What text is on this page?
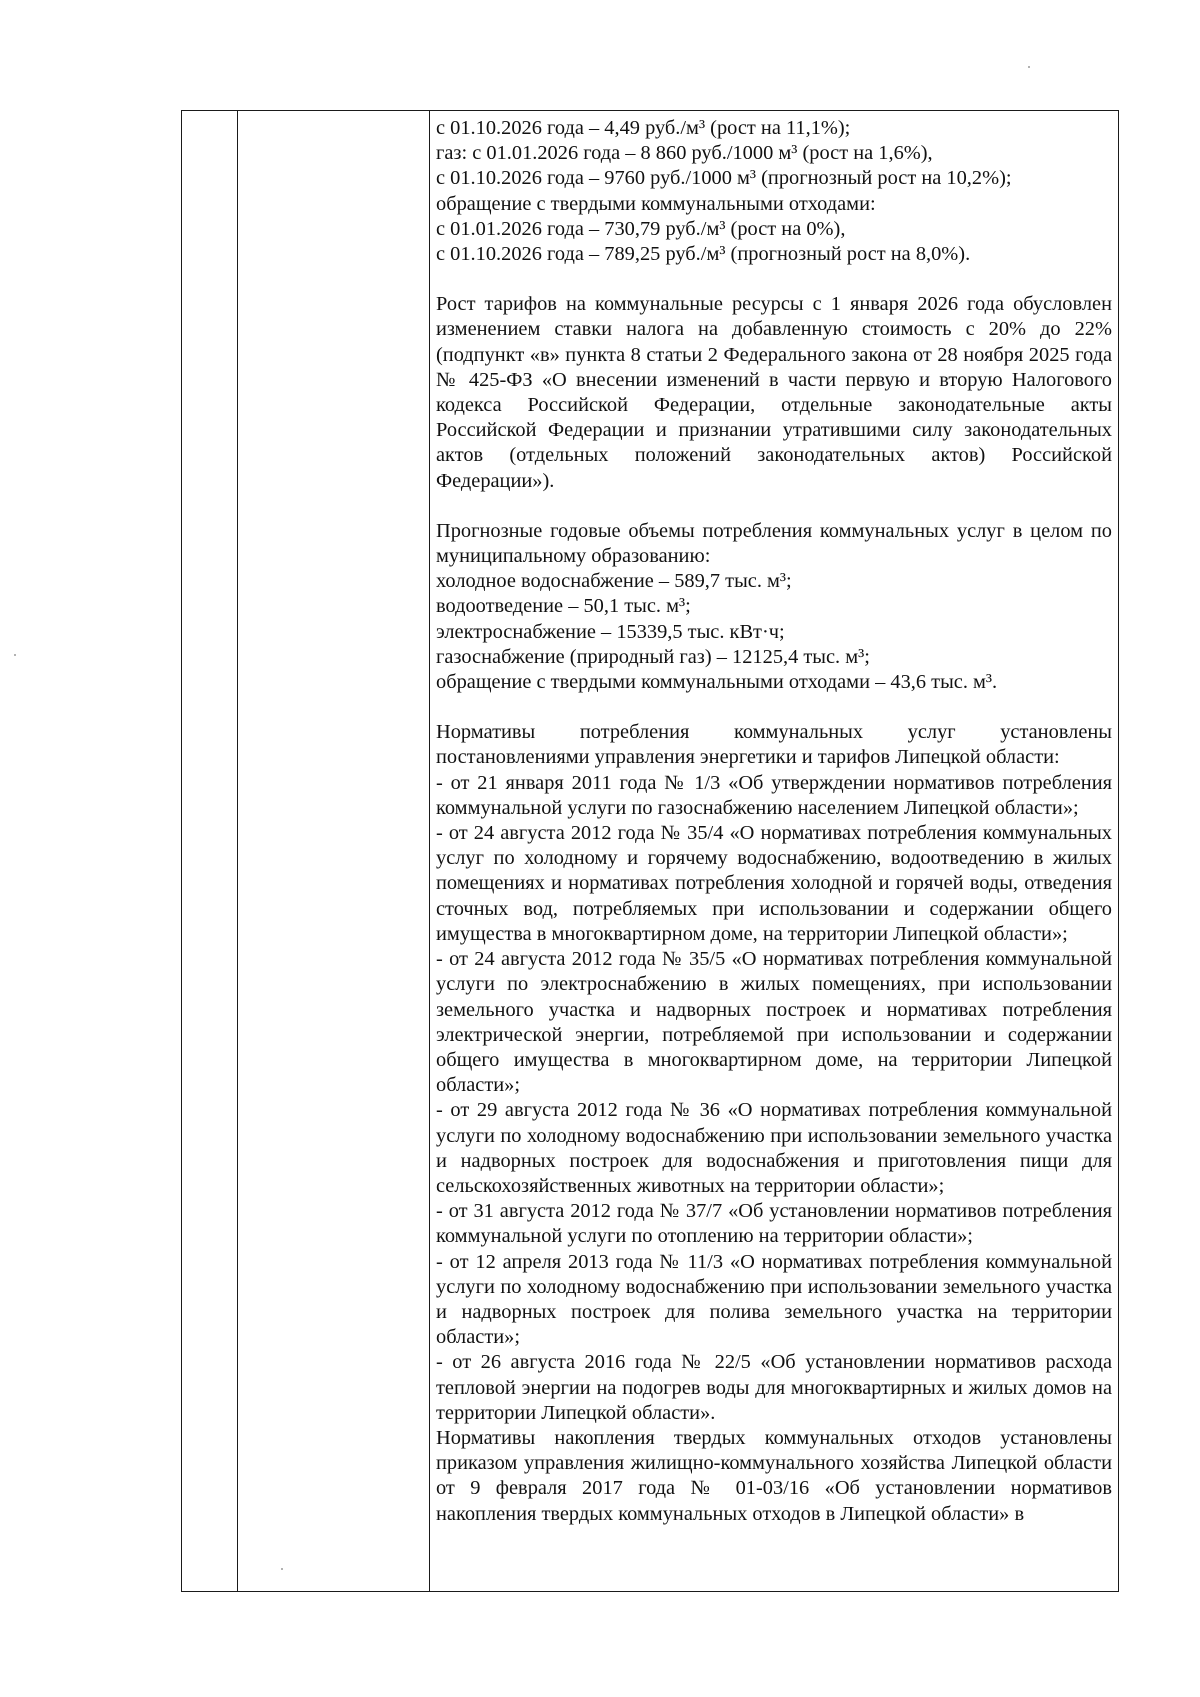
с 01.10.2026 года – 4,49 руб./м³ (рост на 11,1%);

газ: с 01.01.2026 года – 8 860 руб./1000 м³ (рост на 1,6%),

с 01.10.2026 года – 9760 руб./1000 м³ (прогнозный рост на 10,2%);

обращение с твердыми коммунальными отходами:

с 01.01.2026 года – 730,79 руб./м³ (рост на 0%),

с 01.10.2026 года – 789,25 руб./м³ (прогнозный рост на 8,0%).

Рост тарифов на коммунальные ресурсы с 1 января 2026 года обусловлен изменением ставки налога на добавленную стоимость с 20% до 22% (подпункт «в» пункта 8 статьи 2 Федерального закона от 28 ноября 2025 года № 425-ФЗ «О внесении изменений в части первую и вторую Налогового кодекса Российской Федерации, отдельные законодательные акты Российской Федерации и признании утратившими силу законодательных актов (отдельных положений законодательных актов) Российской Федерации»).

Прогнозные годовые объемы потребления коммунальных услуг в целом по муниципальному образованию:

холодное водоснабжение – 589,7 тыс. м³;

водоотведение – 50,1 тыс. м³;

электроснабжение – 15339,5 тыс. кВт·ч;

газоснабжение (природный газ) – 12125,4 тыс. м³;

обращение с твердыми коммунальными отходами – 43,6 тыс. м³.

Нормативы потребления коммунальных услуг установлены постановлениями управления энергетики и тарифов Липецкой области:

- от 21 января 2011 года № 1/3 «Об утверждении нормативов потребления коммунальной услуги по газоснабжению населением Липецкой области»;

- от 24 августа 2012 года № 35/4 «О нормативах потребления коммунальных услуг по холодному и горячему водоснабжению, водоотведению в жилых помещениях и нормативах потребления холодной и горячей воды, отведения сточных вод, потребляемых при использовании и содержании общего имущества в многоквартирном доме, на территории Липецкой области»;

- от 24 августа 2012 года № 35/5 «О нормативах потребления коммунальной услуги по электроснабжению в жилых помещениях, при использовании земельного участка и надворных построек и нормативах потребления электрической энергии, потребляемой при использовании и содержании общего имущества в многоквартирном доме, на территории Липецкой области»;

- от 29 августа 2012 года № 36 «О нормативах потребления коммунальной услуги по холодному водоснабжению при использовании земельного участка и надворных построек для водоснабжения и приготовления пищи для сельскохозяйственных животных на территории области»;

- от 31 августа 2012 года № 37/7 «Об установлении нормативов потребления коммунальной услуги по отоплению на территории области»;

- от 12 апреля 2013 года № 11/3 «О нормативах потребления коммунальной услуги по холодному водоснабжению при использовании земельного участка и надворных построек для полива земельного участка на территории области»;

- от 26 августа 2016 года № 22/5 «Об установлении нормативов расхода тепловой энергии на подогрев воды для многоквартирных и жилых домов на территории Липецкой области».

Нормативы накопления твердых коммунальных отходов установлены приказом управления жилищно-коммунального хозяйства Липецкой области от 9 февраля 2017 года № 01-03/16 «Об установлении нормативов накопления твердых коммунальных отходов в Липецкой области» в
